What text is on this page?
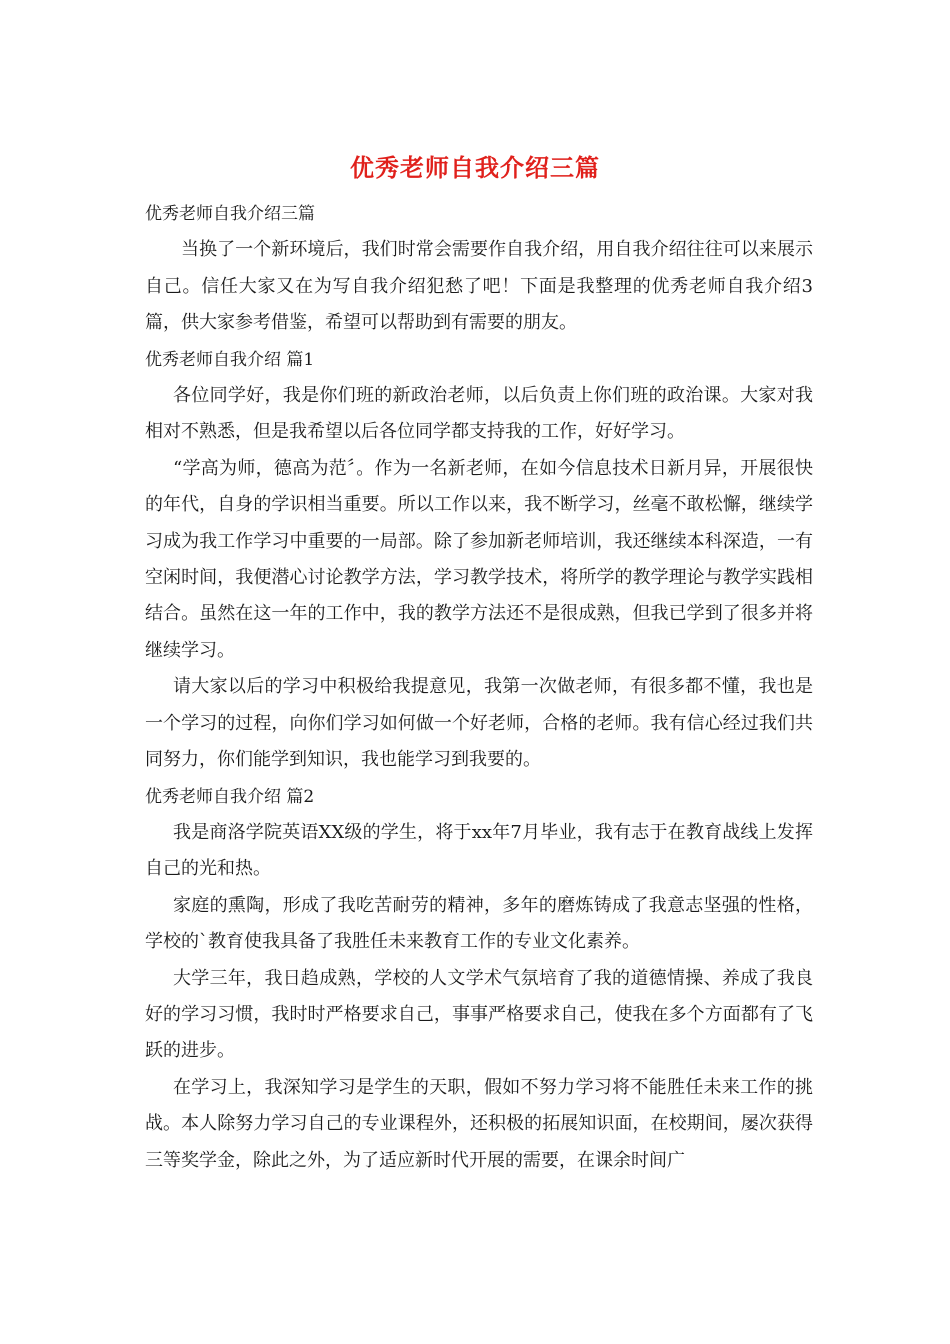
优秀老师自我介绍三篇

优秀老师自我介绍三篇

当换了一个新环境后，我们时常会需要作自我介绍，用自我介绍往往可以来展示自己。信任大家又在为写自我介绍犯愁了吧！下面是我整理的优秀老师自我介绍3篇，供大家参考借鉴，希望可以帮助到有需要的朋友。

优秀老师自我介绍 篇1

各位同学好，我是你们班的新政治老师，以后负责上你们班的政治课。大家对我相对不熟悉，但是我希望以后各位同学都支持我的工作，好好学习。

“学高为师，德高为范〞。作为一名新老师，在如今信息技术日新月异，开展很快的年代，自身的学识相当重要。所以工作以来，我不断学习，丝毫不敢松懈，继续学习成为我工作学习中重要的一局部。除了参加新老师培训，我还继续本科深造，一有空闲时间，我便潜心讨论教学方法，学习教学技术，将所学的教学理论与教学实践相结合。虽然在这一年的工作中，我的教学方法还不是很成熟，但我已学到了很多并将继续学习。

请大家以后的学习中积极给我提意见，我第一次做老师，有很多都不懂，我也是一个学习的过程，向你们学习如何做一个好老师，合格的老师。我有信心经过我们共同努力，你们能学到知识，我也能学习到我要的。

优秀老师自我介绍 篇2

我是商洛学院英语XX级的学生，将于xx年7月毕业，我有志于在教育战线上发挥自己的光和热。

家庭的熏陶，形成了我吃苦耐劳的精神，多年的磨炼铸成了我意志坚强的性格，学校的`教育使我具备了我胜任未来教育工作的专业文化素养。

大学三年，我日趋成熟，学校的人文学术气氛培育了我的道德情操、养成了我良好的学习习惯，我时时严格要求自己，事事严格要求自己，使我在多个方面都有了飞跃的进步。

在学习上，我深知学习是学生的天职，假如不努力学习将不能胜任未来工作的挑战。本人除努力学习自己的专业课程外，还积极的拓展知识面，在校期间，屡次获得三等奖学金，除此之外，为了适应新时代开展的需要，在课余时间广
